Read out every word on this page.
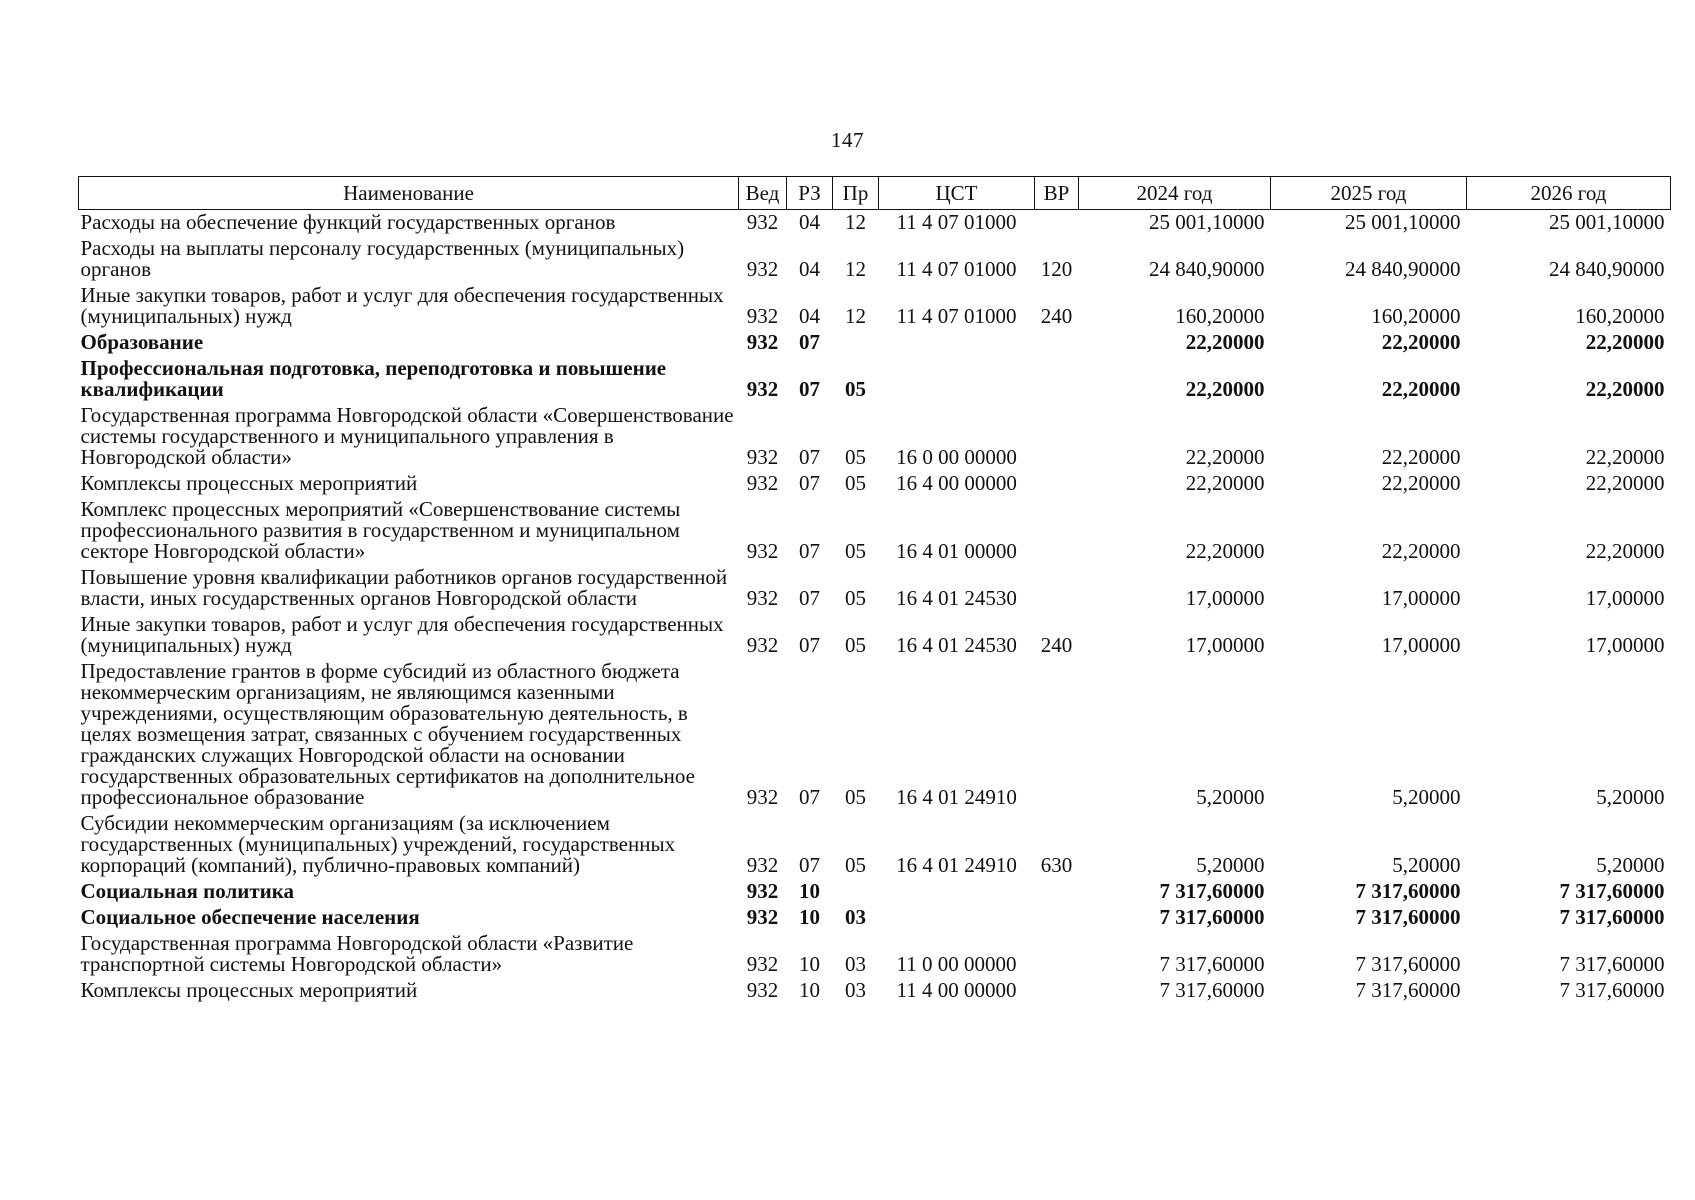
147
Наименование	Вед	РЗ	Пр	ЦСТ	ВР	2024 год	2025 год	2026 год
Расходы на обеспечение функций государственных органов	932	04	12	11 4 07 01000		25 001,10000	25 001,10000	25 001,10000
Расходы на выплаты персоналу государственных (муниципальных) органов	932	04	12	11 4 07 01000	120	24 840,90000	24 840,90000	24 840,90000
Иные закупки товаров, работ и услуг для обеспечения государственных (муниципальных) нужд	932	04	12	11 4 07 01000	240	160,20000	160,20000	160,20000
Образование	932	07				22,20000	22,20000	22,20000
Профессиональная подготовка, переподготовка и повышение квалификации	932	07	05			22,20000	22,20000	22,20000
Государственная программа Новгородской области «Совершенствование системы государственного и муниципального управления в Новгородской области»	932	07	05	16 0 00 00000		22,20000	22,20000	22,20000
Комплексы процессных мероприятий	932	07	05	16 4 00 00000		22,20000	22,20000	22,20000
Комплекс процессных мероприятий «Совершенствование системы профессионального развития в государственном и муниципальном секторе Новгородской области»	932	07	05	16 4 01 00000		22,20000	22,20000	22,20000
Повышение уровня квалификации работников органов государственной власти, иных государственных органов Новгородской области	932	07	05	16 4 01 24530		17,00000	17,00000	17,00000
Иные закупки товаров, работ и услуг для обеспечения государственных (муниципальных) нужд	932	07	05	16 4 01 24530	240	17,00000	17,00000	17,00000
Предоставление грантов в форме субсидий из областного бюджета некоммерческим организациям, не являющимся казенными учреждениями, осуществляющим образовательную деятельность, в целях возмещения затрат, связанных с обучением государственных гражданских служащих Новгородской области на основании государственных образовательных сертификатов на дополнительное профессиональное образование	932	07	05	16 4 01 24910		5,20000	5,20000	5,20000
Субсидии некоммерческим организациям (за исключением государственных (муниципальных) учреждений, государственных корпораций (компаний), публично-правовых компаний)	932	07	05	16 4 01 24910	630	5,20000	5,20000	5,20000
Социальная политика	932	10				7 317,60000	7 317,60000	7 317,60000
Социальное обеспечение населения	932	10	03			7 317,60000	7 317,60000	7 317,60000
Государственная программа Новгородской области «Развитие транспортной системы Новгородской области»	932	10	03	11 0 00 00000		7 317,60000	7 317,60000	7 317,60000
Комплексы процессных мероприятий	932	10	03	11 4 00 00000		7 317,60000	7 317,60000	7 317,60000
